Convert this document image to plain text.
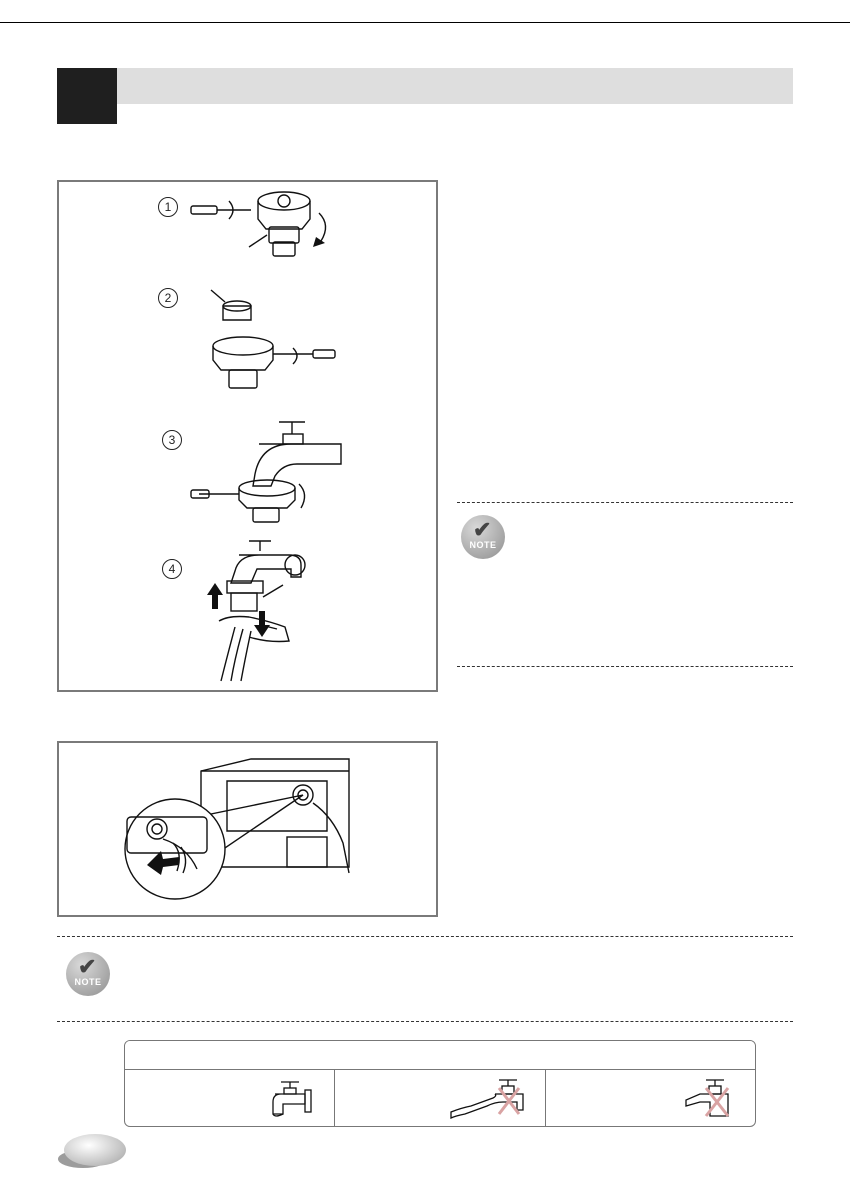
1
2
3
4
✔
NOTE
✔
NOTE
